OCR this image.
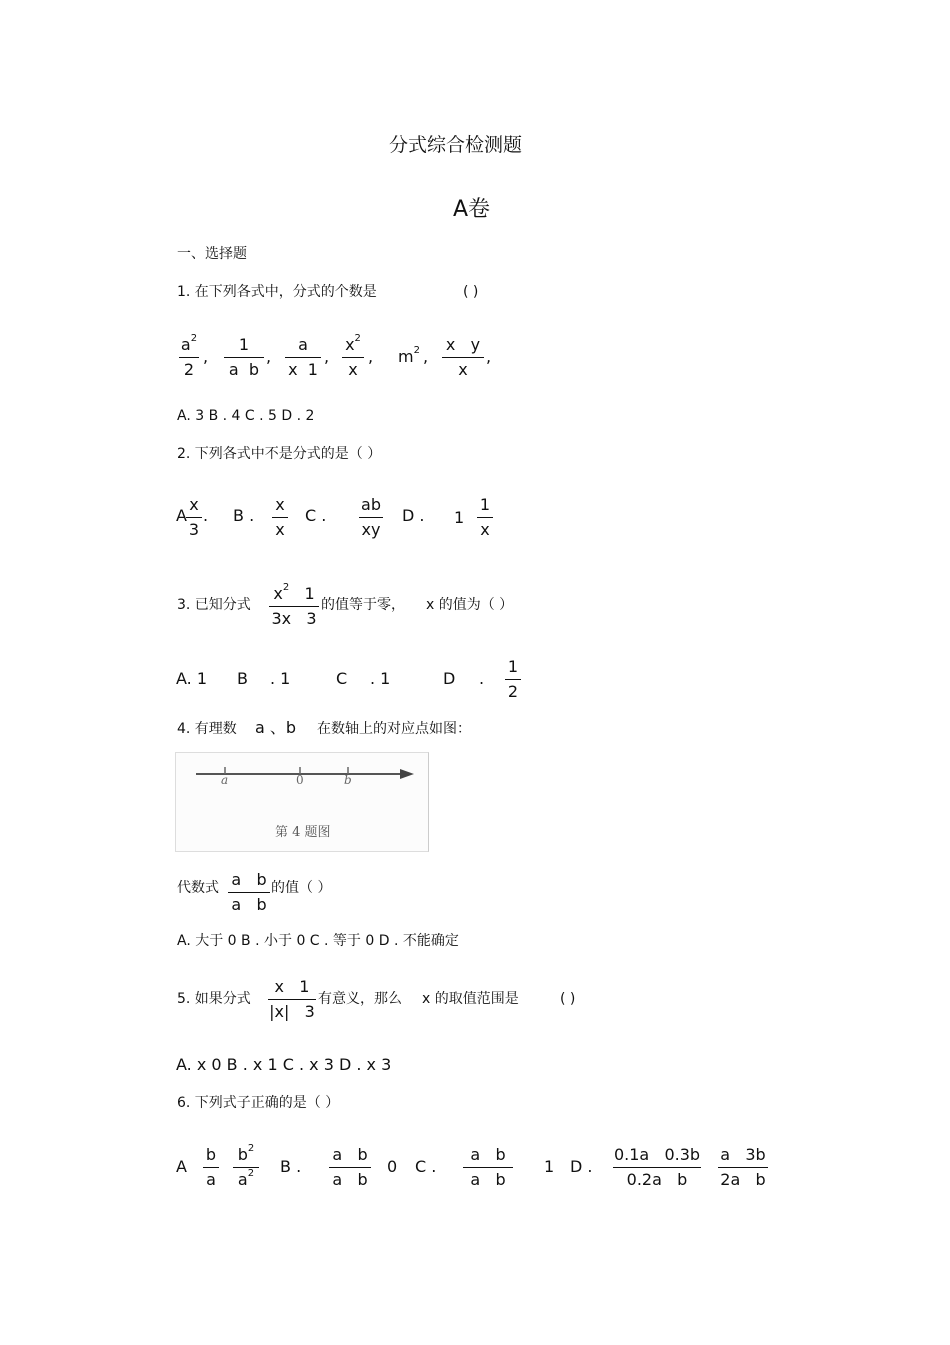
分式综合检测题
A卷
一、选择题
1. 在下列各式中，分式的个数是	( )
$a^2$
2
,
1
a  b
,
a
x  1
,
$x^2$
x
, $m^2$ ,
x   y
x
,
A. 3 B . 4 C . 5 D . 2
2. 下列各式中不是分式的是（ ）
A
x
3
. B .
x
x
C .
ab
xy
D . 1
1
x
3. 已知分式
$x^2$   1
3x   3
的值等于零， x 的值为（ ）
A. 1 B . 1	C . 1	D .
1
2
4. 有理数 a 、b 在数轴上的对应点如图：
a	0	b
第 4 题图
代数式 a   b
a   b
的值（ ）
A. 大于 0 B . 小于 0 C . 等于 0 D . 不能确定
5. 如果分式
x   1
|x|   3
有意义，那么 x 的取值范围是	( )
A. x 0 B . x 1 C . x 3 D . x 3
6. 下列式子正确的是（ ）
A
b
a
$b^2$
$a^2$	B .
a   b
a   b
0 C .
a   b
a   b
1 D .
0.1a   0.3b
0.2a   b
a   3b
2a   b
